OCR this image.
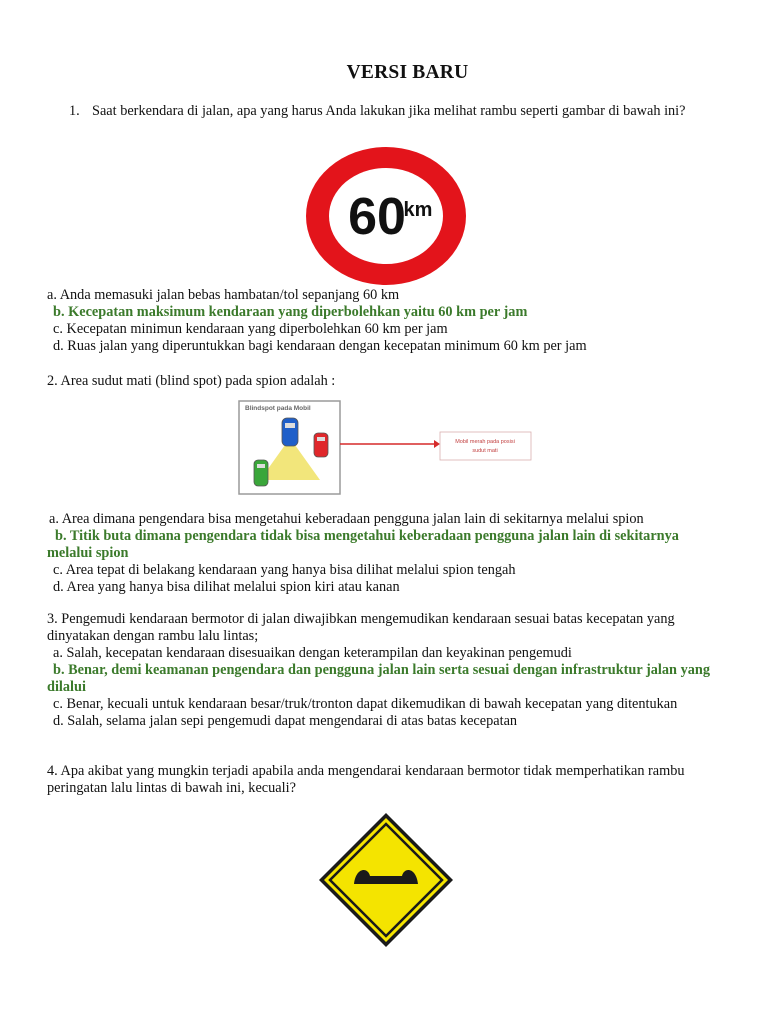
VERSI BARU
1. Saat berkendara di jalan, apa yang harus Anda lakukan jika melihat rambu seperti gambar di bawah ini?
60
km
a. Anda memasuki jalan bebas hambatan/tol sepanjang 60 km
b. Kecepatan maksimum kendaraan yang diperbolehkan yaitu 60 km per jam
c. Kecepatan minimun kendaraan yang diperbolehkan 60 km per jam
d. Ruas jalan yang diperuntukkan bagi kendaraan dengan kecepatan minimum 60 km per jam
2. Area sudut mati (blind spot) pada spion adalah :
Blindspot pada Mobil
Mobil merah pada posisi
sudut mati
a. Area dimana pengendara bisa mengetahui keberadaan pengguna jalan lain di sekitarnya melalui spion
b. Titik buta dimana pengendara tidak bisa mengetahui keberadaan pengguna jalan lain di sekitarnya melalui spion
c. Area tepat di belakang kendaraan yang hanya bisa dilihat melalui spion tengah
d. Area yang hanya bisa dilihat melalui spion kiri atau kanan
3. Pengemudi kendaraan bermotor di jalan diwajibkan mengemudikan kendaraan sesuai batas kecepatan yang dinyatakan dengan rambu lalu lintas;
a. Salah, kecepatan kendaraan disesuaikan dengan keterampilan dan keyakinan pengemudi
b. Benar, demi keamanan pengendara dan pengguna jalan lain serta sesuai dengan infrastruktur jalan yang dilalui
c. Benar, kecuali untuk kendaraan besar/truk/tronton dapat dikemudikan di bawah kecepatan yang ditentukan
d. Salah, selama jalan sepi pengemudi dapat mengendarai di atas batas kecepatan
4. Apa akibat yang mungkin terjadi apabila anda mengendarai kendaraan bermotor tidak memperhatikan rambu peringatan lalu lintas di bawah ini, kecuali?
